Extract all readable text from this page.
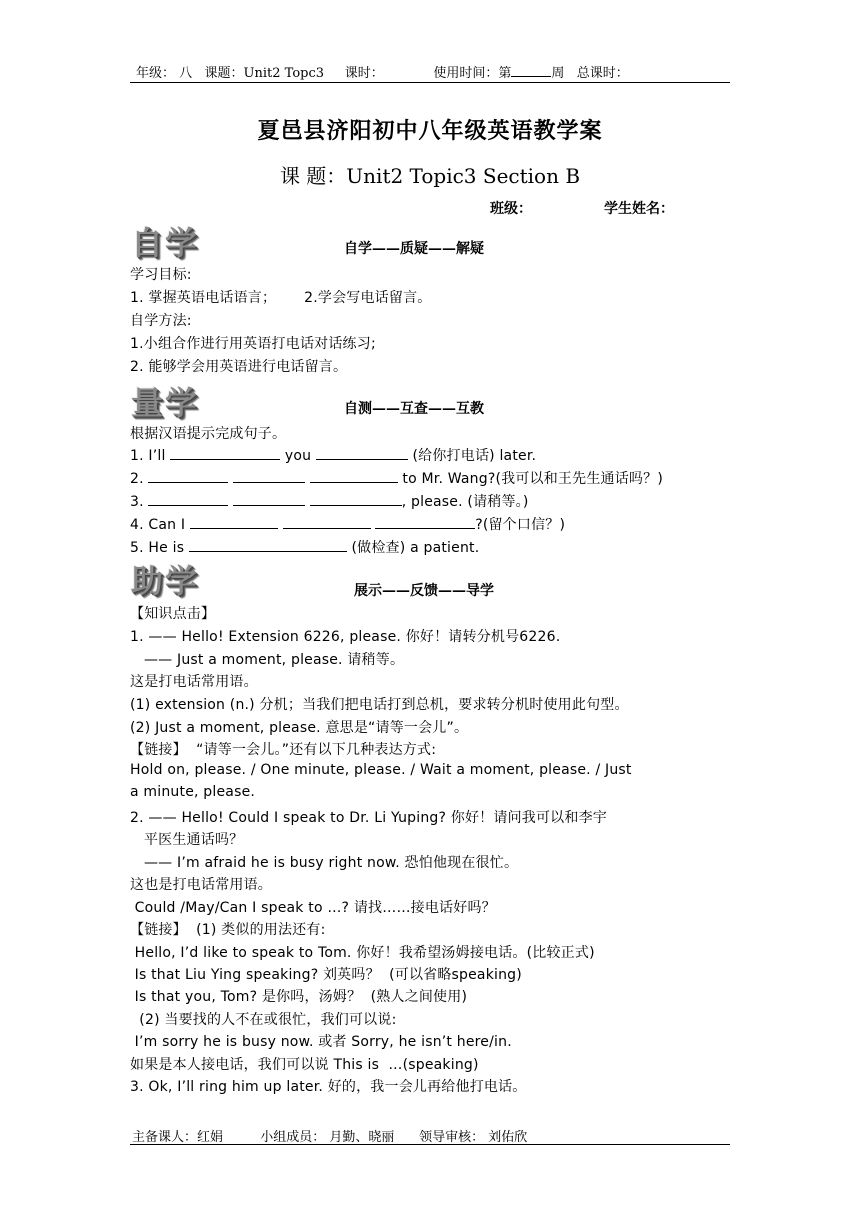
年级： 八 课题：Unit2 Topc3 课时：	使用时间：第	周 总课时：
夏邑县济阳初中八年级英语教学案
课 题：Unit2 Topic3 Section B
班级：	学生姓名：
自学	自学——质疑——解疑
学习目标:
1. 掌握英语电话语言；      2.学会写电话留言。
自学方法:
1.小组合作进行用英语打电话对话练习;
2. 能够学会用英语进行电话留言。
量学	自测——互查——互教
根据汉语提示完成句子。
1. I’ll	you	(给你打电话) later.
2.	to Mr. Wang?(我可以和王先生通话吗？)
3.	, please. (请稍等。)
4. Can I	?(留个口信？)
5. He is	(做检查) a patient.
助学	展示——反馈——导学
【知识点击】
1. —— Hello! Extension 6226, please. 你好！请转分机号6226.
—— Just a moment, please. 请稍等。
这是打电话常用语。
(1) extension (n.) 分机；当我们把电话打到总机，要求转分机时使用此句型。
(2) Just a moment, please. 意思是“请等一会儿”。
【链接】  “请等一会儿。”还有以下几种表达方式:
Hold on, please. / One minute, please. / Wait a moment, please. / Just
a minute, please.
2. —— Hello! Could I speak to Dr. Li Yuping? 你好！请问我可以和李宇
平医生通话吗？
—— I’m afraid he is busy right now. 恐怕他现在很忙。
这也是打电话常用语。
Could /May/Can I speak to …? 请找……接电话好吗？
【链接】  (1) 类似的用法还有:
Hello, I’d like to speak to Tom. 你好！我希望汤姆接电话。(比较正式)
Is that Liu Ying speaking? 刘英吗？  (可以省略speaking)
Is that you, Tom? 是你吗，汤姆？  (熟人之间使用)
(2) 当要找的人不在或很忙，我们可以说:
I’m sorry he is busy now. 或者 Sorry, he isn’t here/in.
如果是本人接电话，我们可以说 This is  …(speaking)
3. Ok, I’ll ring him up later. 好的，我一会儿再给他打电话。
主备课人：红娟	小组成员： 月勤、晓丽 领导审核： 刘佑欣
